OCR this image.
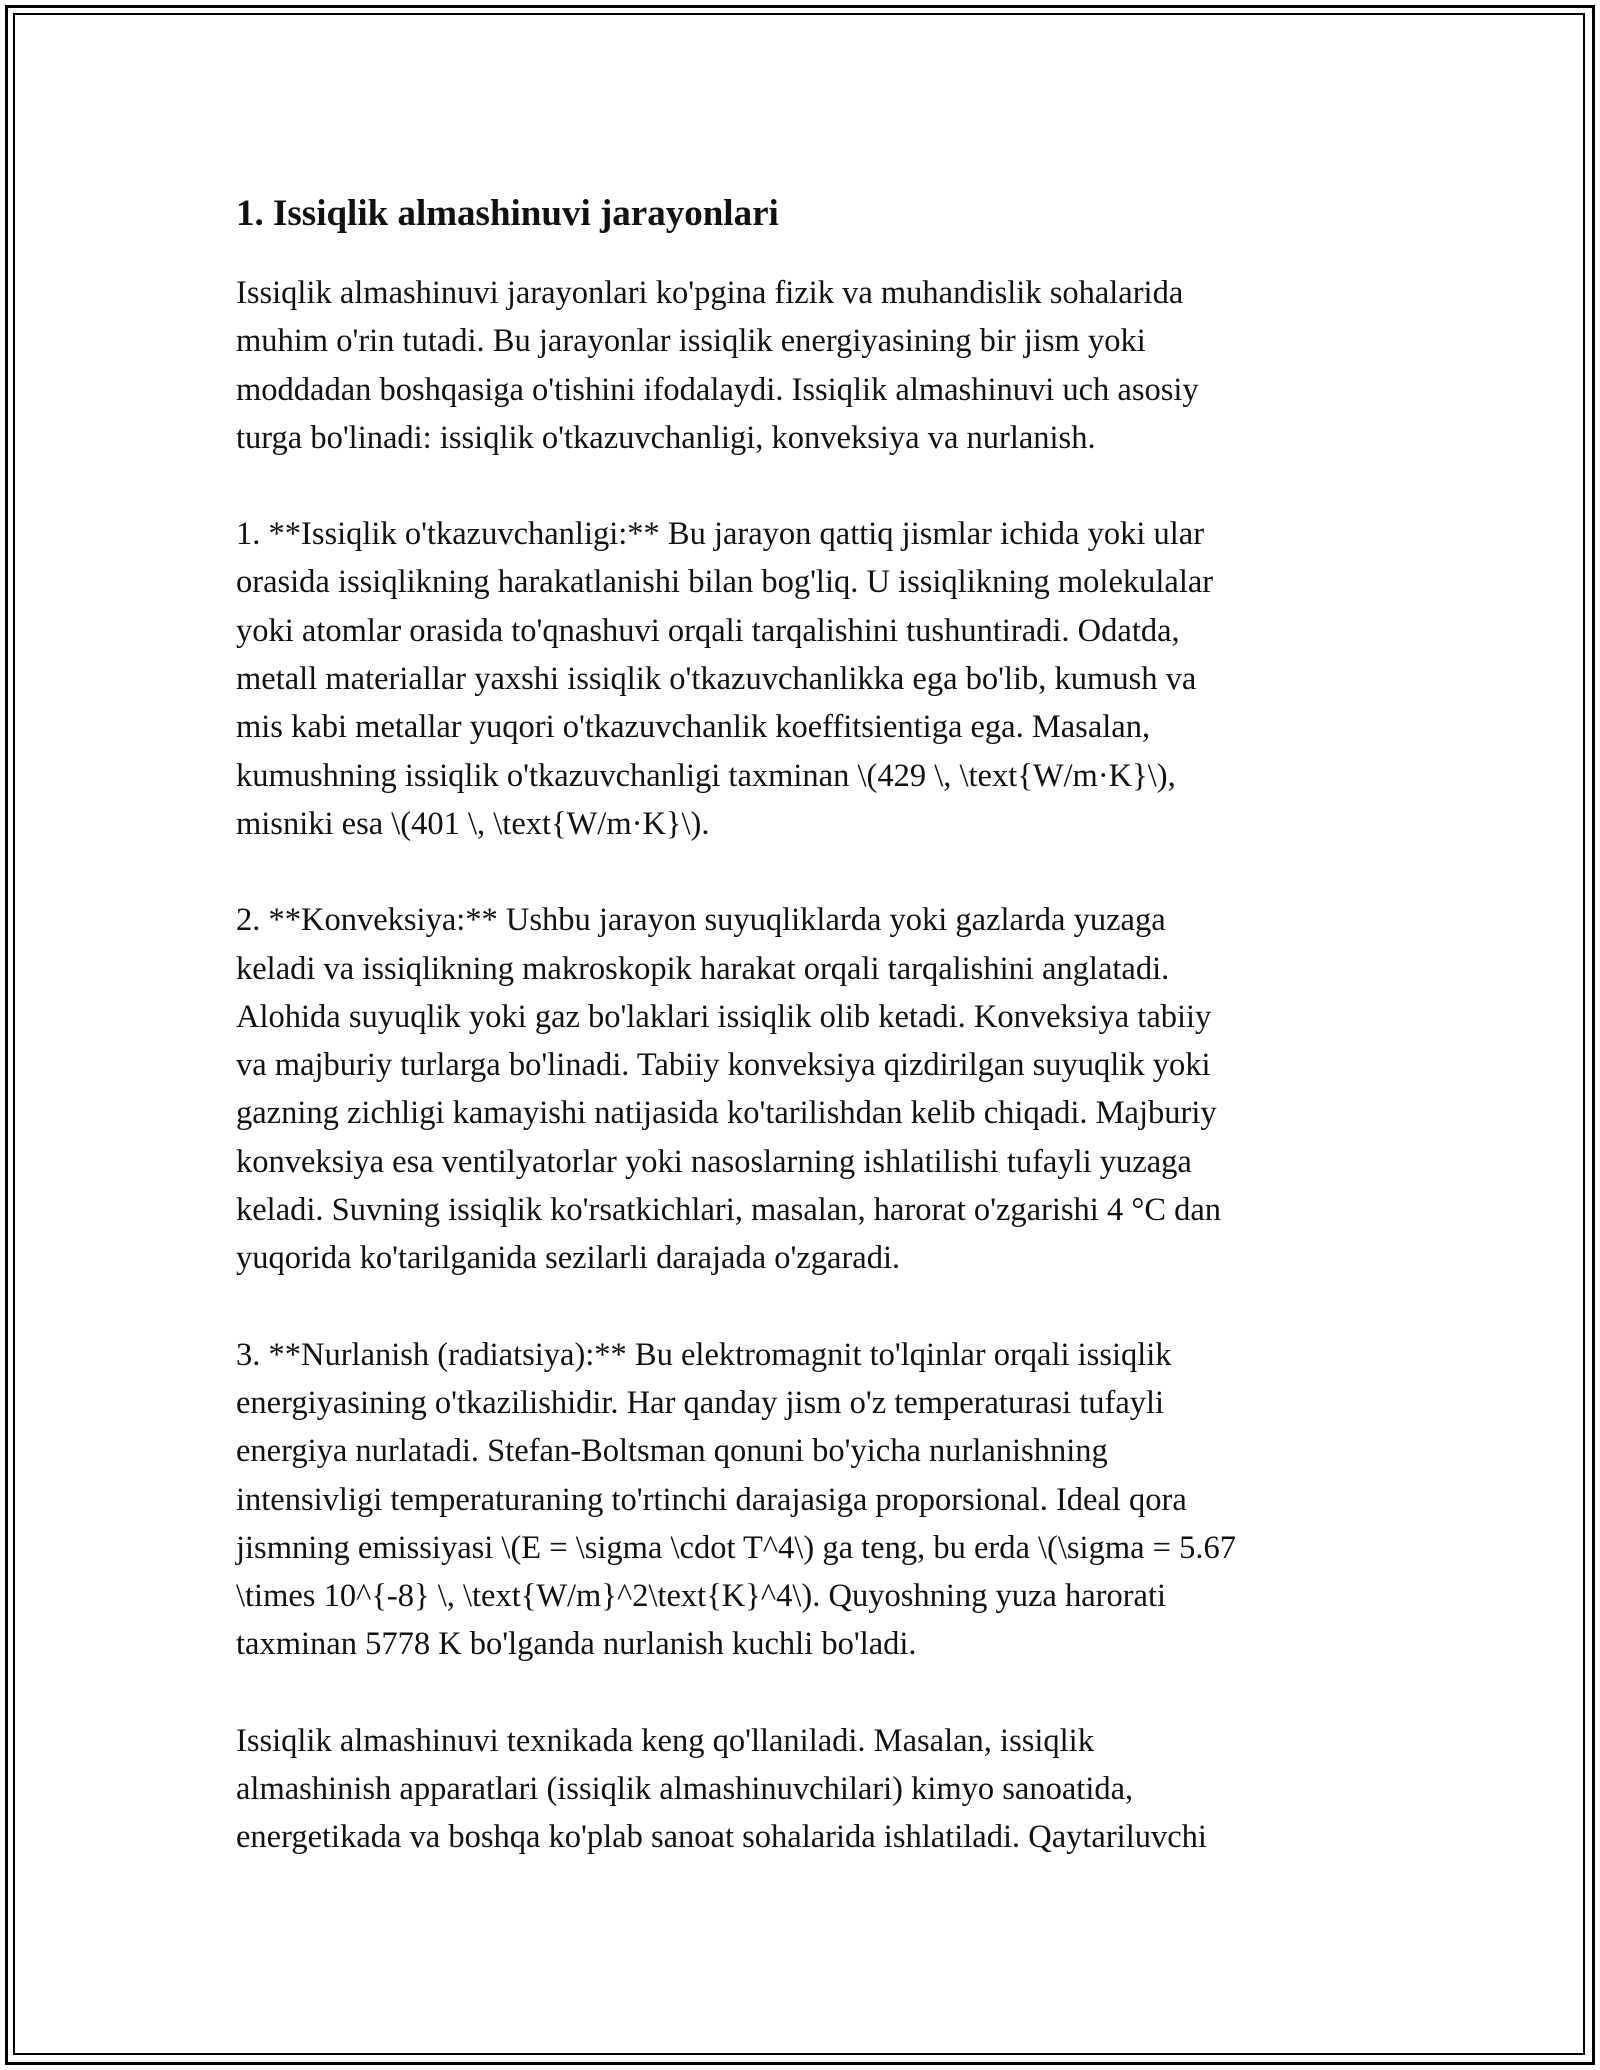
1. Issiqlik almashinuvi jarayonlari

Issiqlik almashinuvi jarayonlari ko'pgina fizik va muhandislik sohalarida
muhim o'rin tutadi. Bu jarayonlar issiqlik energiyasining bir jism yoki
moddadan boshqasiga o'tishini ifodalaydi. Issiqlik almashinuvi uch asosiy
turga bo'linadi: issiqlik o'tkazuvchanligi, konveksiya va nurlanish.

1. **Issiqlik o'tkazuvchanligi:** Bu jarayon qattiq jismlar ichida yoki ular
orasida issiqlikning harakatlanishi bilan bog'liq. U issiqlikning molekulalar
yoki atomlar orasida to'qnashuvi orqali tarqalishini tushuntiradi. Odatda,
metall materiallar yaxshi issiqlik o'tkazuvchanlikka ega bo'lib, kumush va
mis kabi metallar yuqori o'tkazuvchanlik koeffitsientiga ega. Masalan,
kumushning issiqlik o'tkazuvchanligi taxminan \(429 \, \text{W/m·K}\),
misniki esa \(401 \, \text{W/m·K}\).

2. **Konveksiya:** Ushbu jarayon suyuqliklarda yoki gazlarda yuzaga
keladi va issiqlikning makroskopik harakat orqali tarqalishini anglatadi.
Alohida suyuqlik yoki gaz bo'laklari issiqlik olib ketadi. Konveksiya tabiiy
va majburiy turlarga bo'linadi. Tabiiy konveksiya qizdirilgan suyuqlik yoki
gazning zichligi kamayishi natijasida ko'tarilishdan kelib chiqadi. Majburiy
konveksiya esa ventilyatorlar yoki nasoslarning ishlatilishi tufayli yuzaga
keladi. Suvning issiqlik ko'rsatkichlari, masalan, harorat o'zgarishi 4 °C dan
yuqorida ko'tarilganida sezilarli darajada o'zgaradi.

3. **Nurlanish (radiatsiya):** Bu elektromagnit to'lqinlar orqali issiqlik
energiyasining o'tkazilishidir. Har qanday jism o'z temperaturasi tufayli
energiya nurlatadi. Stefan-Boltsman qonuni bo'yicha nurlanishning
intensivligi temperaturaning to'rtinchi darajasiga proporsional. Ideal qora
jismning emissiyasi \(E = \sigma \cdot T^4\) ga teng, bu erda \(\sigma = 5.67
\times 10^{-8} \, \text{W/m}^2\text{K}^4\). Quyoshning yuza harorati
taxminan 5778 K bo'lganda nurlanish kuchli bo'ladi.

Issiqlik almashinuvi texnikada keng qo'llaniladi. Masalan, issiqlik
almashinish apparatlari (issiqlik almashinuvchilari) kimyo sanoatida,
energetikada va boshqa ko'plab sanoat sohalarida ishlatiladi. Qaytariluvchi
